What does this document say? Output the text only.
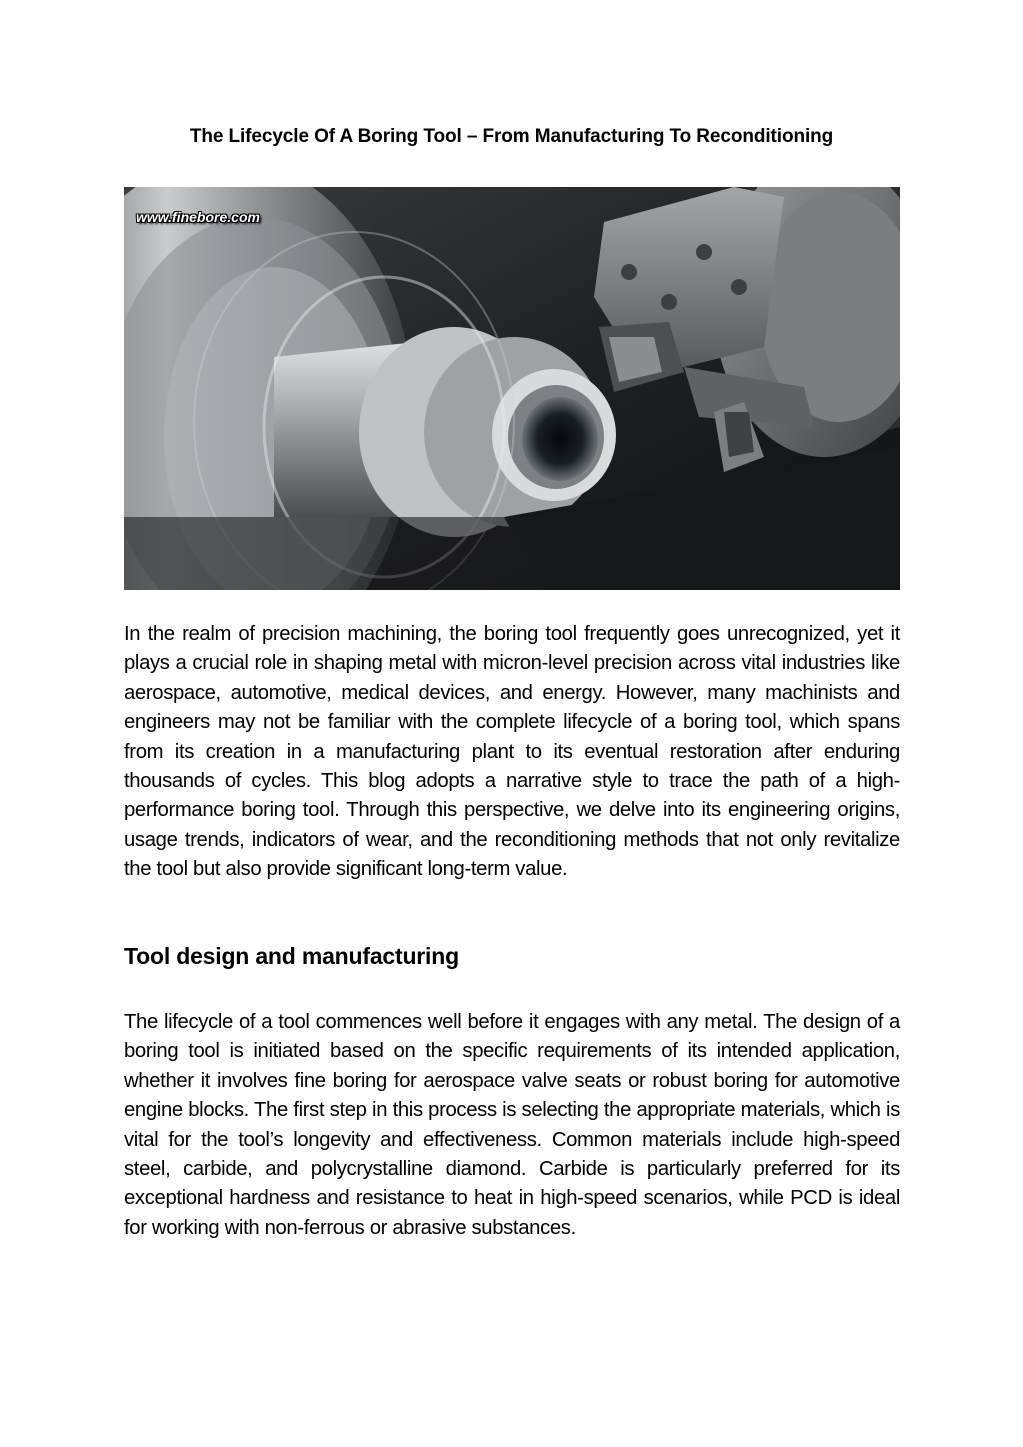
The Lifecycle Of A Boring Tool – From Manufacturing To Reconditioning
www.finebore.com

In the realm of precision machining, the boring tool frequently goes unrecognized, yet it plays a crucial role in shaping metal with micron-level precision across vital industries like aerospace, automotive, medical devices, and energy. However, many machinists and engineers may not be familiar with the complete lifecycle of a boring tool, which spans from its creation in a manufacturing plant to its eventual restoration after enduring thousands of cycles. This blog adopts a narrative style to trace the path of a high-performance boring tool. Through this perspective, we delve into its engineering origins, usage trends, indicators of wear, and the reconditioning methods that not only revitalize the tool but also provide significant long-term value.

Tool design and manufacturing

The lifecycle of a tool commences well before it engages with any metal. The design of a boring tool is initiated based on the specific requirements of its intended application, whether it involves fine boring for aerospace valve seats or robust boring for automotive engine blocks. The first step in this process is selecting the appropriate materials, which is vital for the tool’s longevity and effectiveness. Common materials include high-speed steel, carbide, and polycrystalline diamond. Carbide is particularly preferred for its exceptional hardness and resistance to heat in high-speed scenarios, while PCD is ideal for working with non-ferrous or abrasive substances.
